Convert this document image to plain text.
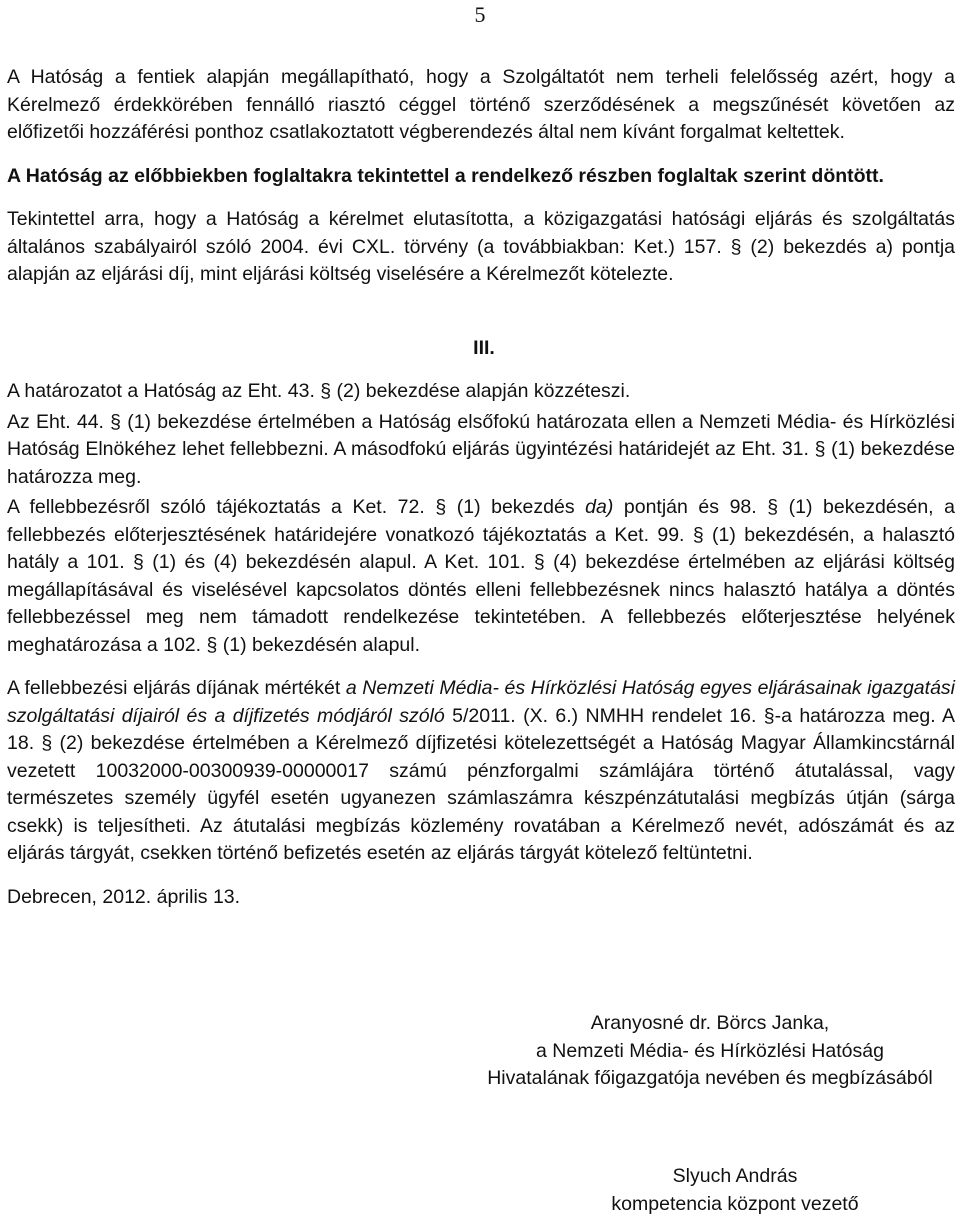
5

A Hatóság a fentiek alapján megállapítható, hogy a Szolgáltatót nem terheli felelősség azért, hogy a Kérelmező érdekkörében fennálló riasztó céggel történő szerződésének a megszűnését követően az előfizetői hozzáférési ponthoz csatlakoztatott végberendezés által nem kívánt forgalmat keltettek.

A Hatóság az előbbiekben foglaltakra tekintettel a rendelkező részben foglaltak szerint döntött.

Tekintettel arra, hogy a Hatóság a kérelmet elutasította, a közigazgatási hatósági eljárás és szolgáltatás általános szabályairól szóló 2004. évi CXL. törvény (a továbbiakban: Ket.) 157. § (2) bekezdés a) pontja alapján az eljárási díj, mint eljárási költség viselésére a Kérelmezőt kötelezte.

III.

A határozatot a Hatóság az Eht. 43. § (2) bekezdése alapján közzéteszi.

Az Eht. 44. § (1) bekezdése értelmében a Hatóság elsőfokú határozata ellen a Nemzeti Média- és Hírközlési Hatóság Elnökéhez lehet fellebbezni. A másodfokú eljárás ügyintézési határidejét az Eht. 31. § (1) bekezdése határozza meg.

A fellebbezésről szóló tájékoztatás a Ket. 72. § (1) bekezdés da) pontján és 98. § (1) bekezdésén, a fellebbezés előterjesztésének határidejére vonatkozó tájékoztatás a Ket. 99. § (1) bekezdésén, a halasztó hatály a 101. § (1) és (4) bekezdésén alapul. A Ket. 101. § (4) bekezdése értelmében az eljárási költség megállapításával és viselésével kapcsolatos döntés elleni fellebbezésnek nincs halasztó hatálya a döntés fellebbezéssel meg nem támadott rendelkezése tekintetében. A fellebbezés előterjesztése helyének meghatározása a 102. § (1) bekezdésén alapul.

A fellebbezési eljárás díjának mértékét a Nemzeti Média- és Hírközlési Hatóság egyes eljárásainak igazgatási szolgáltatási díjairól és a díjfizetés módjáról szóló 5/2011. (X. 6.) NMHH rendelet 16. §-a határozza meg. A 18. § (2) bekezdése értelmében a Kérelmező díjfizetési kötelezettségét a Hatóság Magyar Államkincstárnál vezetett 10032000-00300939-00000017 számú pénzforgalmi számlájára történő átutalással, vagy természetes személy ügyfél esetén ugyanezen számlaszámra készpénzátutalási megbízás útján (sárga csekk) is teljesítheti. Az átutalási megbízás közlemény rovatában a Kérelmező nevét, adószámát és az eljárás tárgyát, csekken történő befizetés esetén az eljárás tárgyát kötelező feltüntetni.

Debrecen, 2012. április 13.

Aranyosné dr. Börcs Janka,
a Nemzeti Média- és Hírközlési Hatóság
Hivatalának főigazgatója nevében és megbízásából
Slyuch András
kompetencia központ vezető
